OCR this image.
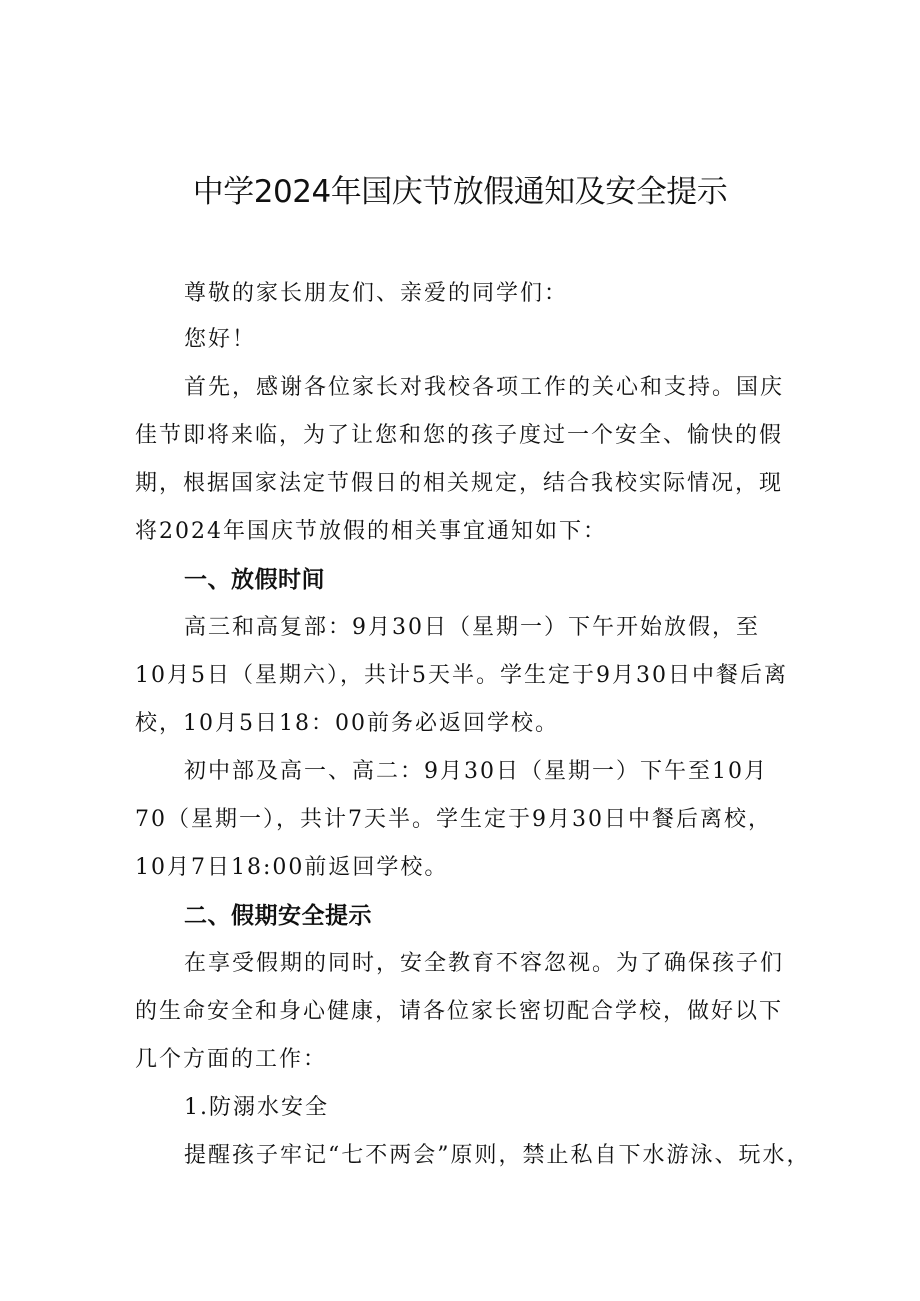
中学2024年国庆节放假通知及安全提示
尊敬的家长朋友们、亲爱的同学们：
您好！
首先，感谢各位家长对我校各项工作的关心和支持。国庆佳节即将来临，为了让您和您的孩子度过一个安全、愉快的假期，根据国家法定节假日的相关规定，结合我校实际情况，现将2024年国庆节放假的相关事宜通知如下：
一、放假时间
高三和高复部：9月30日（星期一）下午开始放假，至10月5日（星期六），共计5天半。学生定于9月30日中餐后离校，10月5日18：00前务必返回学校。
初中部及高一、高二：9月30日（星期一）下午至10月70（星期一），共计7天半。学生定于9月30日中餐后离校，10月7日18:00前返回学校。
二、假期安全提示
在享受假期的同时，安全教育不容忽视。为了确保孩子们的生命安全和身心健康，请各位家长密切配合学校，做好以下几个方面的工作：
1.防溺水安全
提醒孩子牢记“七不两会”原则，禁止私自下水游泳、玩水，
